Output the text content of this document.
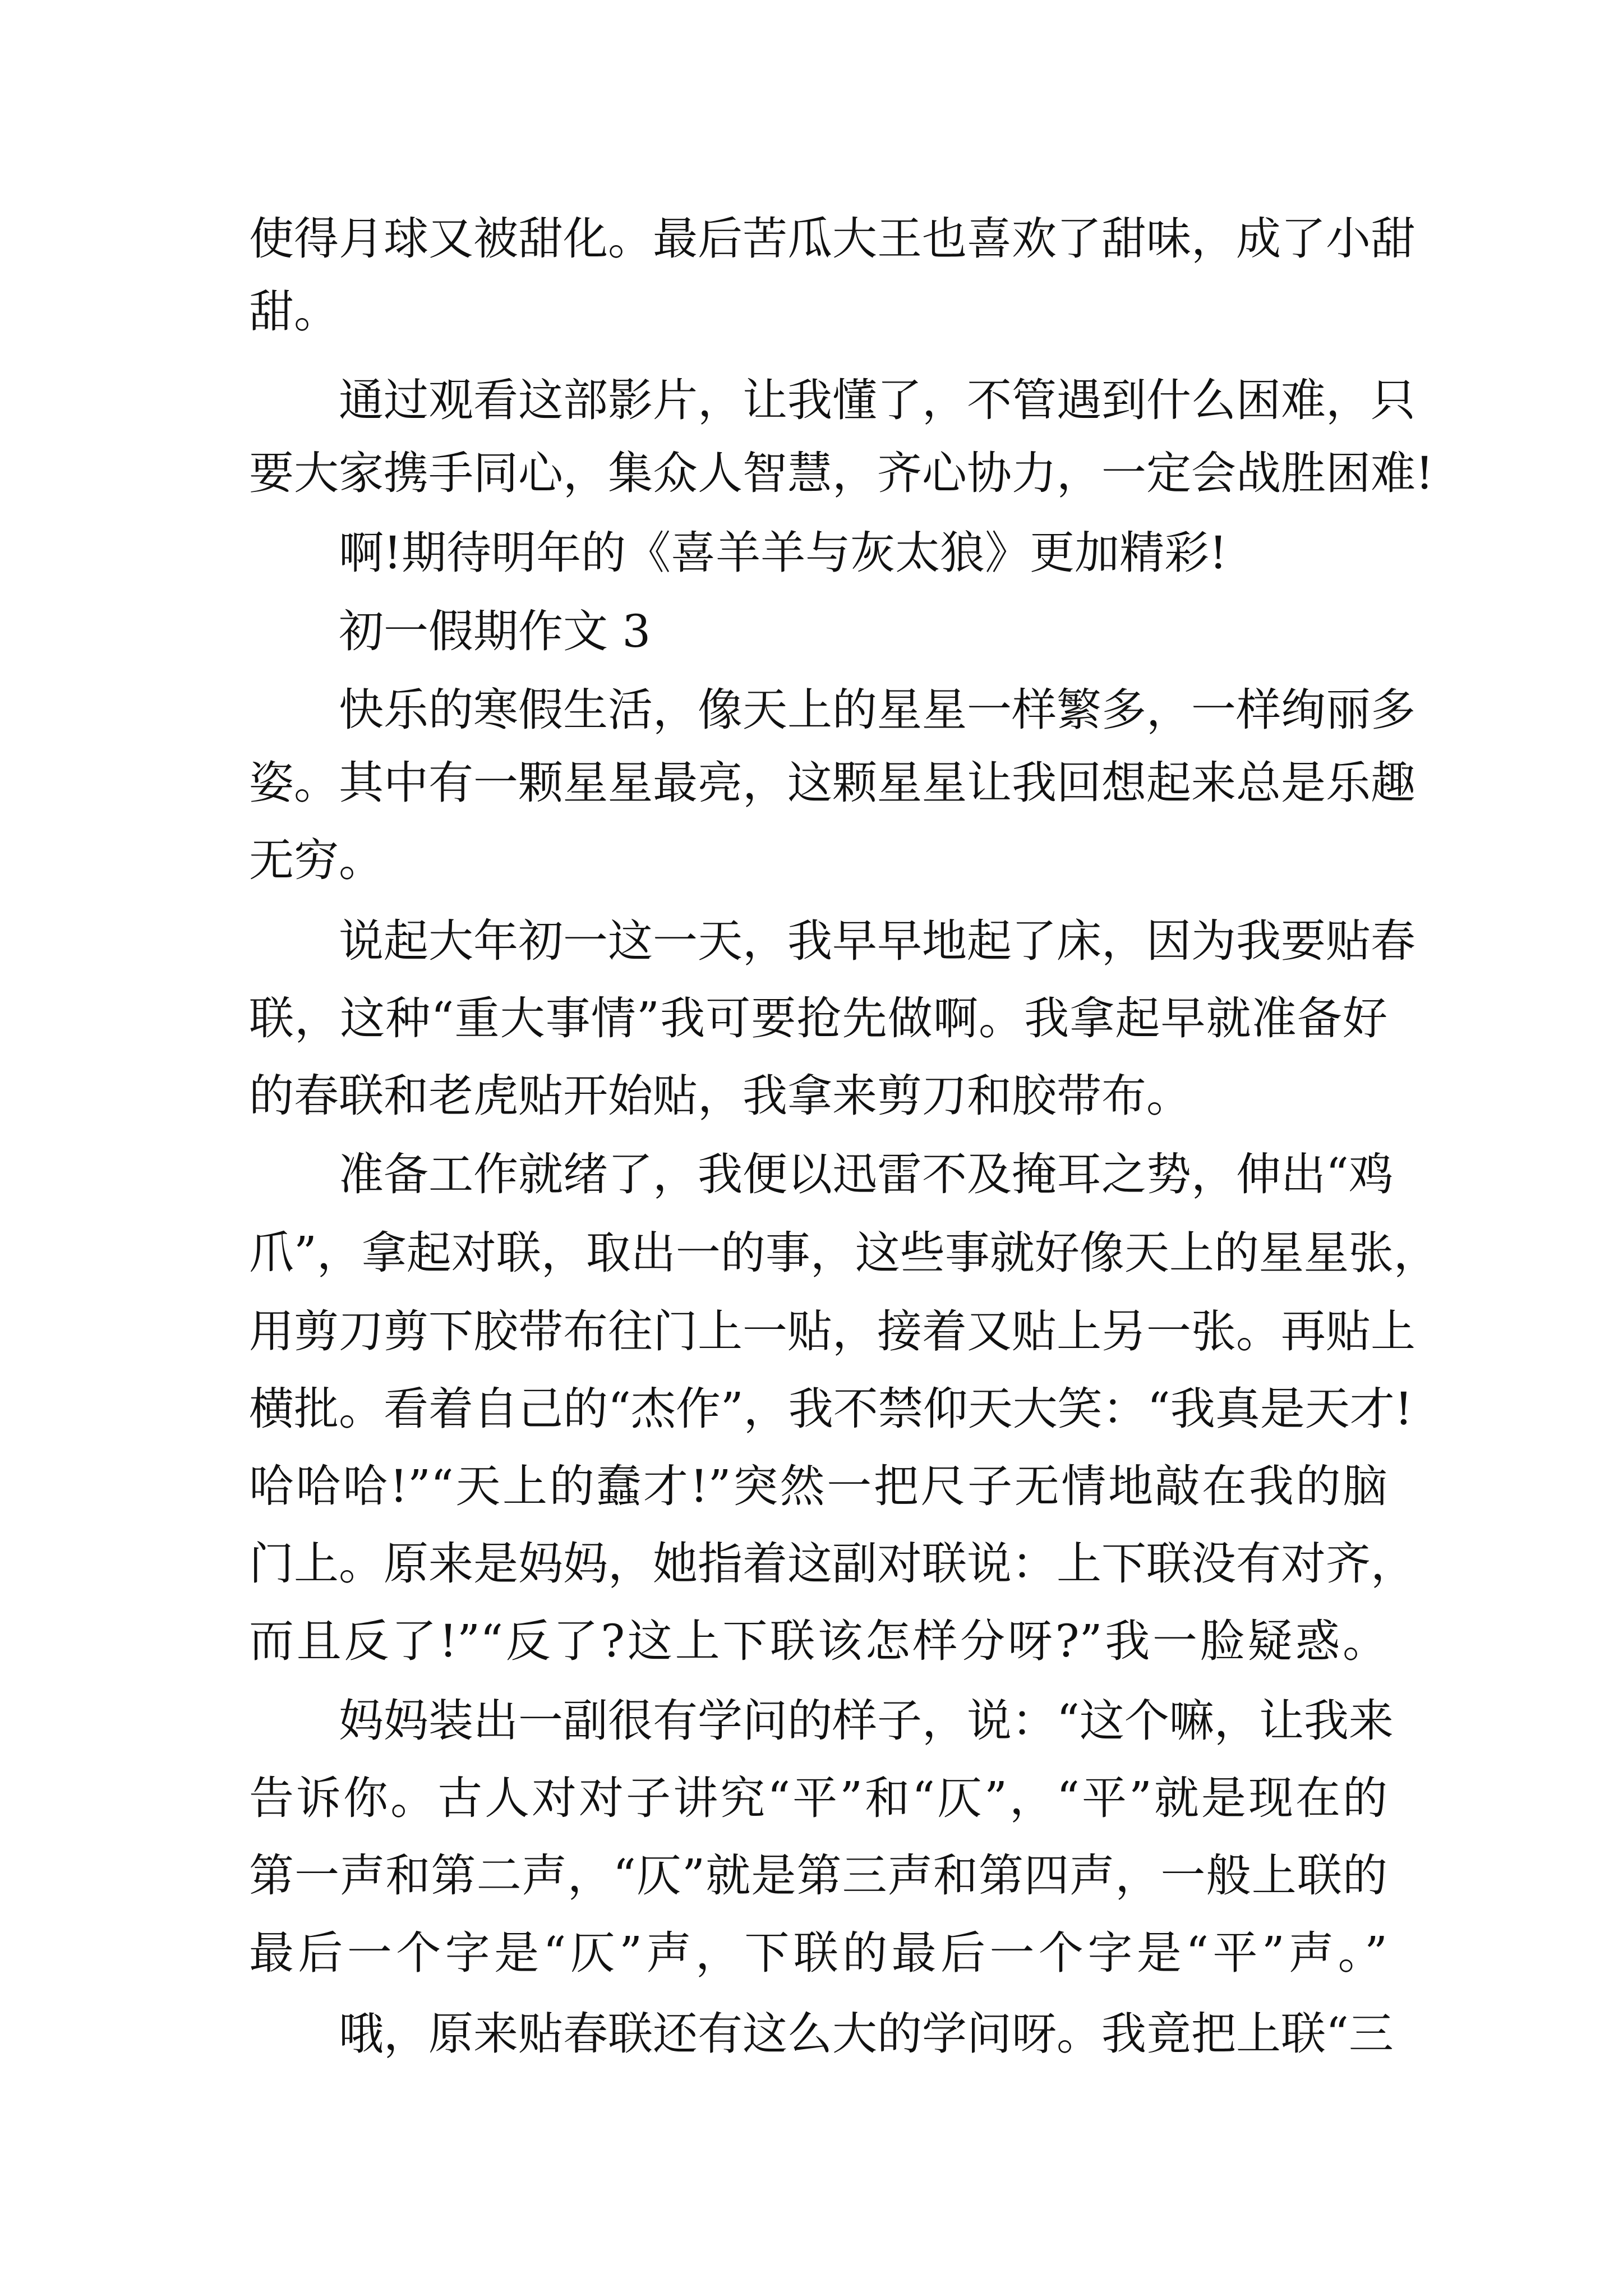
使得月球又被甜化。最后苦瓜大王也喜欢了甜味，成了小甜
甜。
通过观看这部影片，让我懂了，不管遇到什么困难，只
要大家携手同心，集众人智慧，齐心协力，一定会战胜困难!
啊!期待明年的《喜羊羊与灰太狼》更加精彩!
初一假期作文 3
快乐的寒假生活，像天上的星星一样繁多，一样绚丽多
姿。其中有一颗星星最亮，这颗星星让我回想起来总是乐趣
无穷。
说起大年初一这一天，我早早地起了床，因为我要贴春
联，这种“重大事情”我可要抢先做啊。我拿起早就准备好
的春联和老虎贴开始贴，我拿来剪刀和胶带布。
准备工作就绪了，我便以迅雷不及掩耳之势，伸出“鸡
爪”，拿起对联，取出一的事，这些事就好像天上的星星张，
用剪刀剪下胶带布往门上一贴，接着又贴上另一张。再贴上
横批。看着自己的“杰作”，我不禁仰天大笑：“我真是天才!
哈哈哈!”“天上的蠢才!”突然一把尺子无情地敲在我的脑
门上。原来是妈妈，她指着这副对联说：上下联没有对齐，
而且反了!”“反了?这上下联该怎样分呀?”我一脸疑惑。
妈妈装出一副很有学问的样子，说：“这个嘛，让我来
告诉你。古人对对子讲究“平”和“仄”，“平”就是现在的
第一声和第二声，“仄”就是第三声和第四声，一般上联的
最后一个字是“仄”声，下联的最后一个字是“平”声。”
哦，原来贴春联还有这么大的学问呀。我竟把上联“三
